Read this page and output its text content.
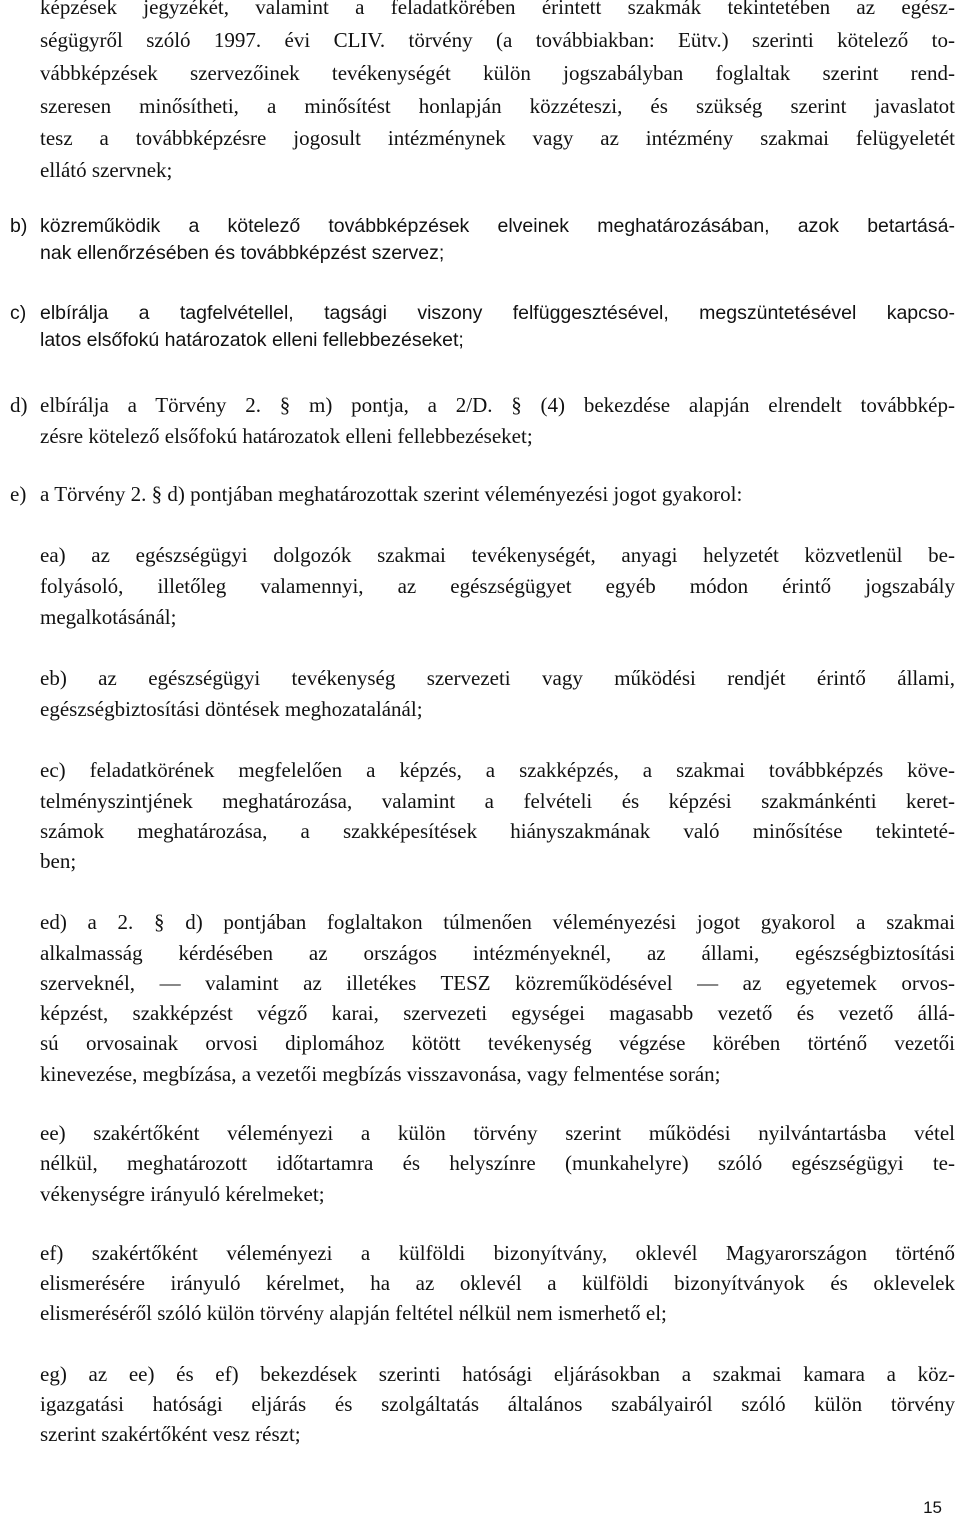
képzések jegyzékét, valamint a feladatkörében érintett szakmák tekintetében az egész-
ségügyről szóló 1997. évi CLIV. törvény (a továbbiakban: Eütv.) szerinti kötelező to-
vábbképzések szervezőinek tevékenységét külön jogszabályban foglaltak szerint rend-
szeresen minősítheti, a minősítést honlapján közzéteszi, és szükség szerint javaslatot
tesz a továbbképzésre jogosult intézménynek vagy az intézmény szakmai felügyeletét
ellátó szervnek;
b) közreműködik a kötelező továbbképzések elveinek meghatározásában, azok betartásá-
nak ellenőrzésében és továbbképzést szervez;
c) elbírálja a tagfelvétellel, tagsági viszony felfüggesztésével, megszüntetésével kapcso-
latos elsőfokú határozatok elleni fellebbezéseket;
d) elbírálja a Törvény 2. § m) pontja, a 2/D. § (4) bekezdése alapján elrendelt továbbkép-
zésre kötelező elsőfokú határozatok elleni fellebbezéseket;
e) a Törvény 2. § d) pontjában meghatározottak szerint véleményezési jogot gyakorol:
ea) az egészségügyi dolgozók szakmai tevékenységét, anyagi helyzetét közvetlenül be-
folyásoló, illetőleg valamennyi, az egészségügyet egyéb módon érintő jogszabály
megalkotásánál;
eb) az egészségügyi tevékenység szervezeti vagy működési rendjét érintő állami,
egészségbiztosítási döntések meghozatalánál;
ec) feladatkörének megfelelően a képzés, a szakképzés, a szakmai továbbképzés köve-
telményszintjének meghatározása, valamint a felvételi és képzési szakmánkénti keret-
számok meghatározása, a szakképesítések hiányszakmának való minősítése tekinteté-
ben;
ed) a 2. § d) pontjában foglaltakon túlmenően véleményezési jogot gyakorol a szakmai
alkalmasság kérdésében az országos intézményeknél, az állami, egészségbiztosítási
szerveknél, — valamint az illetékes TESZ közreműködésével — az egyetemek orvos-
képzést, szakképzést végző karai, szervezeti egységei magasabb vezető és vezető állá-
sú orvosainak orvosi diplomához kötött tevékenység végzése körében történő vezetői
kinevezése, megbízása, a vezetői megbízás visszavonása, vagy felmentése során;
ee) szakértőként véleményezi a külön törvény szerint működési nyilvántartásba vétel
nélkül, meghatározott időtartamra és helyszínre (munkahelyre) szóló egészségügyi te-
vékenységre irányuló kérelmeket;
ef) szakértőként véleményezi a külföldi bizonyítvány, oklevél Magyarországon történő
elismerésére irányuló kérelmet, ha az oklevél a külföldi bizonyítványok és oklevelek
elismeréséről szóló külön törvény alapján feltétel nélkül nem ismerhető el;
eg) az ee) és ef) bekezdések szerinti hatósági eljárásokban a szakmai kamara a köz-
igazgatási hatósági eljárás és szolgáltatás általános szabályairól szóló külön törvény
szerint szakértőként vesz részt;
15
